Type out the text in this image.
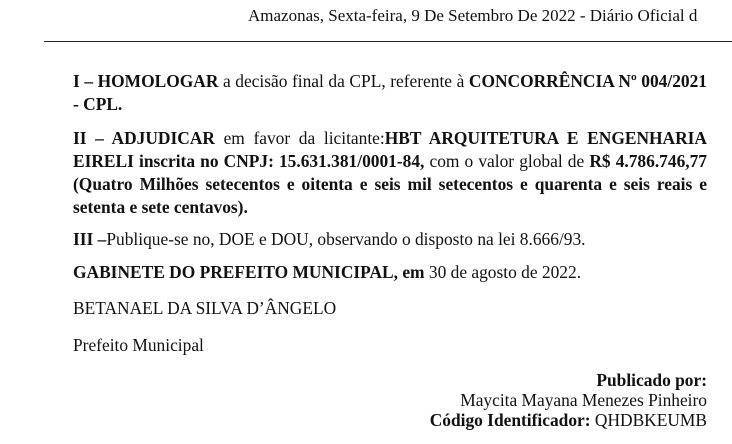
Amazonas, Sexta-feira, 9 De Setembro De 2022 - Diário Oficial d
I – HOMOLOGAR a decisão final da CPL, referente à CONCORRÊNCIA Nº 004/2021 - CPL.
II – ADJUDICAR em favor da licitante:HBT ARQUITETURA E ENGENHARIA EIRELI inscrita no CNPJ: 15.631.381/0001-84, com o valor global de R$ 4.786.746,77 (Quatro Milhões setecentos e oitenta e seis mil setecentos e quarenta e seis reais e setenta e sete centavos).
III –Publique-se no, DOE e DOU, observando o disposto na lei 8.666/93.
GABINETE DO PREFEITO MUNICIPAL, em 30 de agosto de 2022.
BETANAEL DA SILVA D’ÂNGELO
Prefeito Municipal
Publicado por:
Maycita Mayana Menezes Pinheiro
Código Identificador: QHDBKEUMB
